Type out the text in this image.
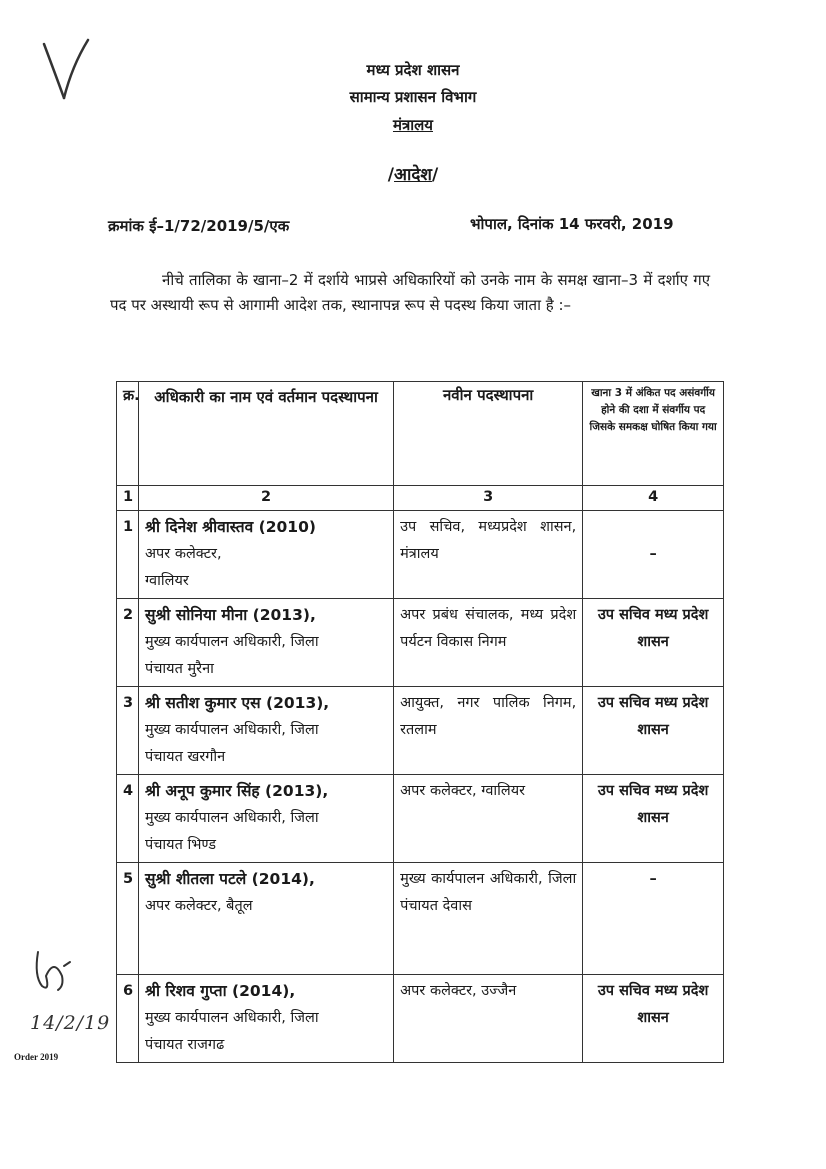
मध्य प्रदेश शासन
सामान्य प्रशासन विभाग
मंत्रालय
/आदेश/
क्रमांक ई–1/72/2019/5/एक	भोपाल, दिनांक 14 फरवरी, 2019
नीचे तालिका के खाना–2 में दर्शाये भाप्रसे अधिकारियों को उनके नाम के समक्ष खाना–3 में दर्शाए गए पद पर अस्थायी रूप से आगामी आदेश तक, स्थानापन्न रूप से पदस्थ किया जाता है :–
क्र.	अधिकारी का नाम एवं वर्तमान पदस्थापना	नवीन पदस्थापना	खाना 3 में अंकित पद असंवर्गीय होने की दशा में संवर्गीय पद जिसके समकक्ष घोषित किया गया
1	2	3	4
1	श्री दिनेश श्रीवास्तव (2010)
अपर कलेक्टर,
ग्वालियर	उप सचिव, मध्यप्रदेश शासन, मंत्रालय	–
2	सुश्री सोनिया मीना (2013),
मुख्य कार्यपालन अधिकारी, जिला
पंचायत मुरैना	अपर प्रबंध संचालक, मध्य प्रदेश पर्यटन विकास निगम	उप सचिव मध्य प्रदेश शासन
3	श्री सतीश कुमार एस (2013),
मुख्य कार्यपालन अधिकारी, जिला
पंचायत खरगौन	आयुक्त, नगर पालिक निगम, रतलाम	उप सचिव मध्य प्रदेश शासन
4	श्री अनूप कुमार सिंह (2013),
मुख्य कार्यपालन अधिकारी, जिला
पंचायत भिण्ड	अपर कलेक्टर, ग्वालियर	उप सचिव मध्य प्रदेश शासन
5	सुश्री शीतला पटले (2014),
अपर कलेक्टर, बैतूल	मुख्य कार्यपालन अधिकारी, जिला पंचायत देवास	–
6	श्री रिशव गुप्ता (2014),
मुख्य कार्यपालन अधिकारी, जिला
पंचायत राजगढ	अपर कलेक्टर, उज्जैन	उप सचिव मध्य प्रदेश शासन
14/2/19
Order 2019
